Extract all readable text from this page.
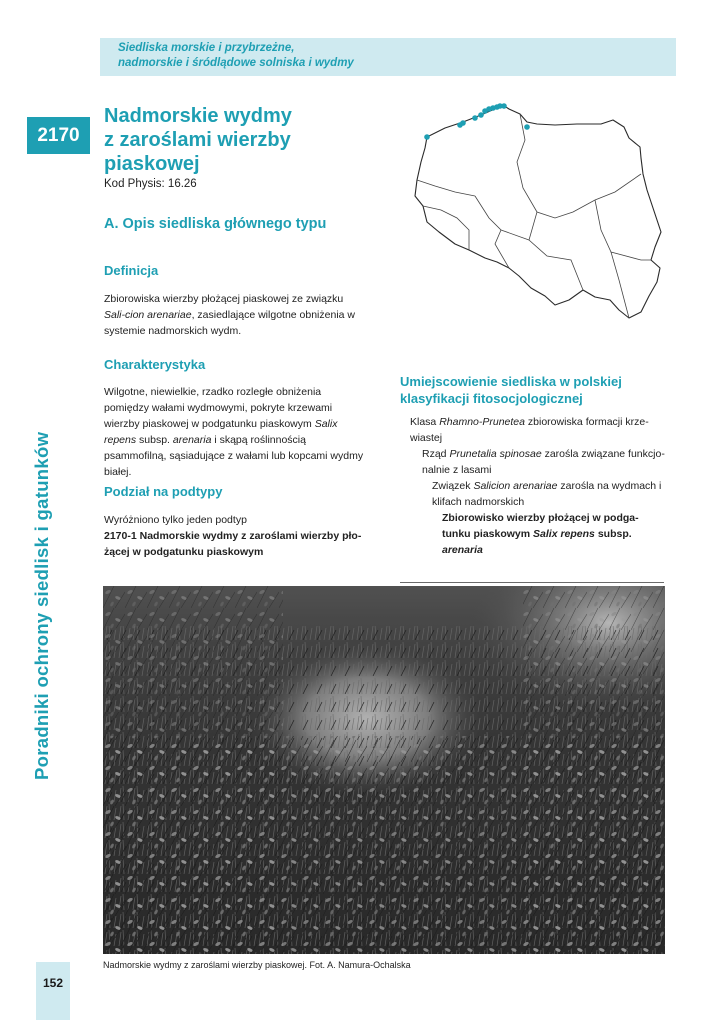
Siedliska morskie i przybrzeżne,
nadmorskie i śródlądowe solniska i wydmy
2170
Nadmorskie wydmy
z zaroślami wierzby
piaskowej
Kod Physis: 16.26
A. Opis siedliska głównego typu
Definicja
Zbiorowiska wierzby płożącej piaskowej ze związku Sali-cion arenariae, zasiedlające wilgotne obniżenia w systemie nadmorskich wydm.
Charakterystyka
Wilgotne, niewielkie, rzadko rozległe obniżenia pomiędzy wałami wydmowymi, pokryte krzewami wierzby piaskowej w podgatunku piaskowym Salix repens subsp. arenaria i skąpą roślinnością psammofilną, sąsiadujące z wałami lub kopcami wydmy białej.
Podział na podtypy
Wyróżniono tylko jeden podtyp
2170-1 Nadmorskie wydmy z zaroślami wierzby pło-żącej w podgatunku piaskowym
Umiejscowienie siedliska w polskiej
klasyfikacji fitosocjologicznej
Klasa Rhamno-Prunetea zbiorowiska formacji krze-wiastej
Rząd Prunetalia spinosae zarośla związane funkcjo-nalnie z lasami
Związek Salicion arenariae zarośla na wydmach i klifach nadmorskich
Zbiorowisko wierzby płożącej w podga-tunku piaskowym Salix repens subsp. arenaria
Nadmorskie wydmy z zaroślami wierzby piaskowej. Fot. A. Namura-Ochalska
Poradniki ochrony siedlisk i gatunków
152
